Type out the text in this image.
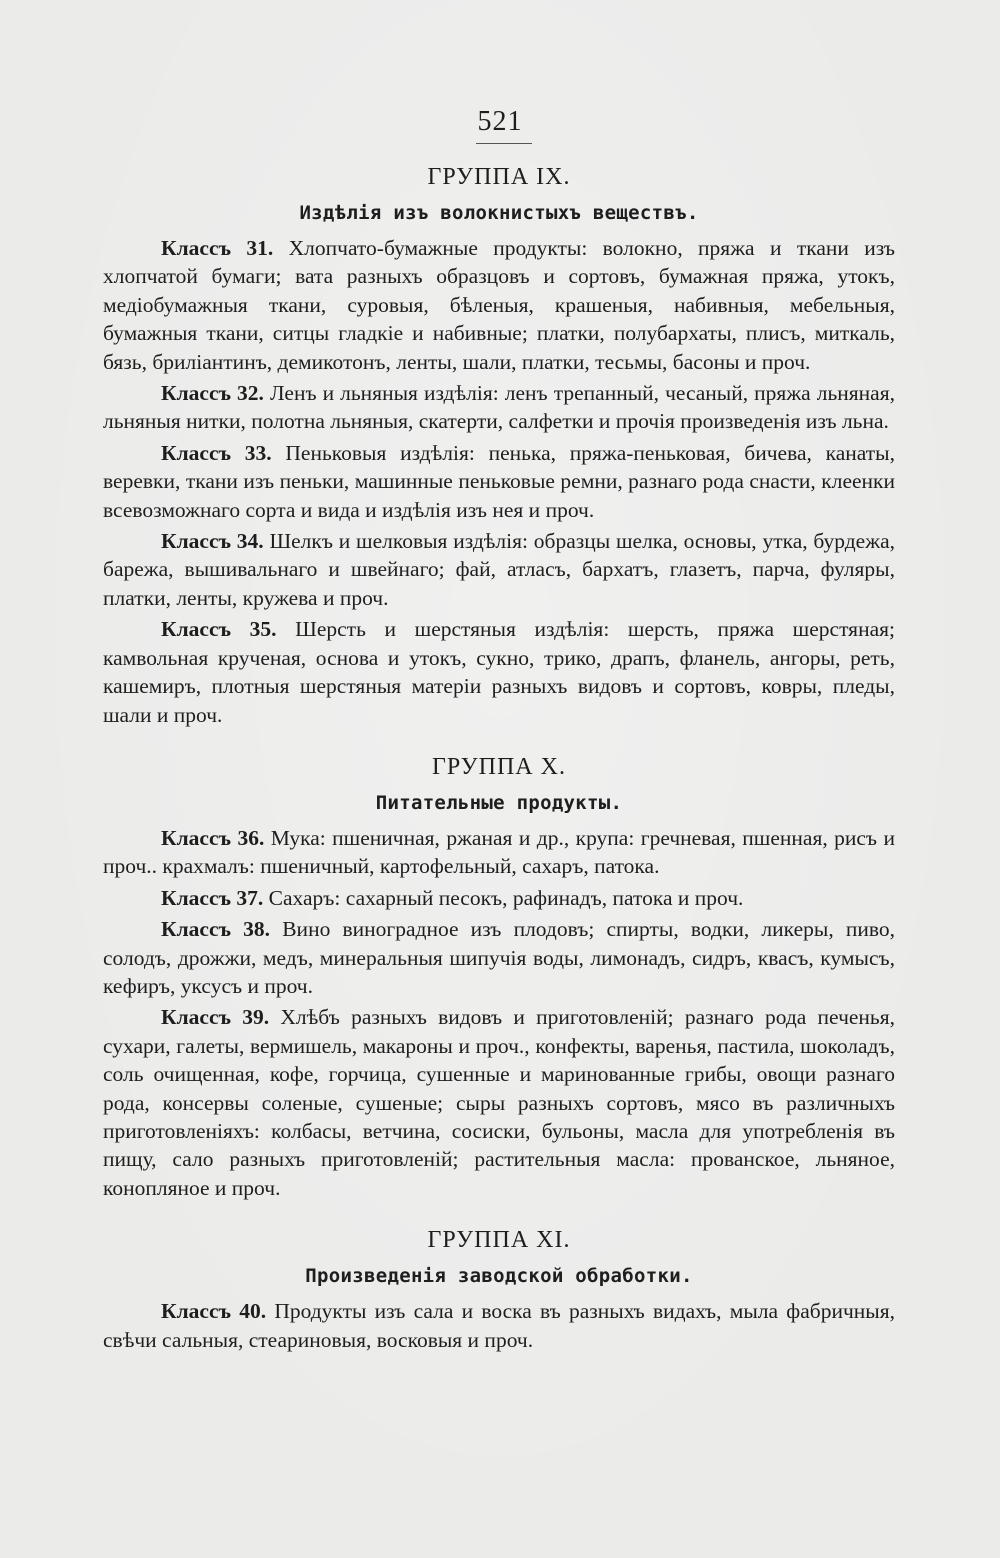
521
ГРУППА IX.
Издѣлія изъ волокнистыхъ веществъ.

Классъ 31. Хлопчато-бумажные продукты: волокно, пряжа и ткани изъ хлопчатой бумаги; вата разныхъ образцовъ и сортовъ, бумажная пряжа, утокъ, медіобумажныя ткани, суровыя, бѣленыя, крашеныя, набивныя, мебельныя, бумажныя ткани, ситцы гладкіе и набивные; платки, полубархаты, плисъ, миткаль, бязь, бриліантинъ, демикотонъ, ленты, шали, платки, тесьмы, басоны и проч.

Классъ 32. Ленъ и льняныя издѣлія: ленъ трепанный, чесаный, пряжа льняная, льняныя нитки, полотна льняныя, скатерти, салфетки и прочія произведенія изъ льна.

Классъ 33. Пеньковыя издѣлія: пенька, пряжа-пеньковая, бичева, канаты, веревки, ткани изъ пеньки, машинные пеньковые ремни, разнаго рода снасти, клеенки всевозможнаго сорта и вида и издѣлія изъ нея и проч.

Классъ 34. Шелкъ и шелковыя издѣлія: образцы шелка, основы, утка, бурдежа, барежа, вышивальнаго и швейнаго; фай, атласъ, бархатъ, глазетъ, парча, фуляры, платки, ленты, кружева и проч.

Классъ 35. Шерсть и шерстяныя издѣлія: шерсть, пряжа шерстяная; камвольная крученая, основа и утокъ, сукно, трико, драпъ, фланель, ангоры, реть, кашемиръ, плотныя шерстяныя матеріи разныхъ видовъ и сортовъ, ковры, пледы, шали и проч.

ГРУППА X.
Питательные продукты.

Классъ 36. Мука: пшеничная, ржаная и др., крупа: гречневая, пшенная, рисъ и проч.. крахмалъ: пшеничный, картофельный, сахаръ, патока.

Классъ 37. Сахаръ: сахарный песокъ, рафинадъ, патока и проч.

Классъ 38. Вино виноградное изъ плодовъ; спирты, водки, ликеры, пиво, солодъ, дрожжи, медъ, минеральныя шипучія воды, лимонадъ, сидръ, квасъ, кумысъ, кефиръ, уксусъ и проч.

Классъ 39. Хлѣбъ разныхъ видовъ и приготовленій; разнаго рода печенья, сухари, галеты, вермишель, макароны и проч., конфекты, варенья, пастила, шоколадъ, соль очищенная, кофе, горчица, сушенные и маринованные грибы, овощи разнаго рода, консервы соленые, сушеные; сыры разныхъ сортовъ, мясо въ различныхъ приготовленіяхъ: колбасы, ветчина, сосиски, бульоны, масла для употребленія въ пищу, сало разныхъ приготовленій; растительныя масла: прованское, льняное, конопляное и проч.

ГРУППА XI.
Произведенія заводской обработки.

Классъ 40. Продукты изъ сала и воска въ разныхъ видахъ, мыла фабричныя, свѣчи сальныя, стеариновыя, восковыя и проч.
